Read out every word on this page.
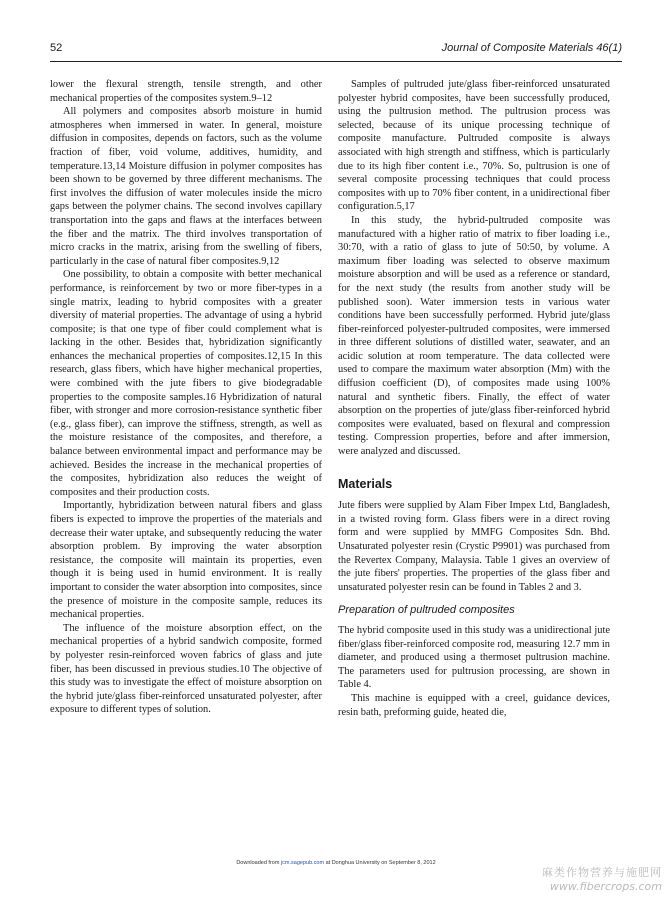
52	Journal of Composite Materials 46(1)

lower the flexural strength, tensile strength, and other mechanical properties of the composites system.9–12

All polymers and composites absorb moisture in humid atmospheres when immersed in water. In general, moisture diffusion in composites, depends on factors, such as the volume fraction of fiber, void volume, additives, humidity, and temperature.13,14 Moisture diffusion in polymer composites has been shown to be governed by three different mechanisms. The first involves the diffusion of water molecules inside the micro gaps between the polymer chains. The second involves capillary transportation into the gaps and flaws at the interfaces between the fiber and the matrix. The third involves transportation of micro cracks in the matrix, arising from the swelling of fibers, particularly in the case of natural fiber composites.9,12

One possibility, to obtain a composite with better mechanical performance, is reinforcement by two or more fiber-types in a single matrix, leading to hybrid composites with a greater diversity of material properties. The advantage of using a hybrid composite; is that one type of fiber could complement what is lacking in the other. Besides that, hybridization significantly enhances the mechanical properties of composites.12,15 In this research, glass fibers, which have higher mechanical properties, were combined with the jute fibers to give biodegradable properties to the composite samples.16 Hybridization of natural fiber, with stronger and more corrosion-resistance synthetic fiber (e.g., glass fiber), can improve the stiffness, strength, as well as the moisture resistance of the composites, and therefore, a balance between environmental impact and performance may be achieved. Besides the increase in the mechanical properties of the composites, hybridization also reduces the weight of composites and their production costs.

Importantly, hybridization between natural fibers and glass fibers is expected to improve the properties of the materials and decrease their water uptake, and subsequently reducing the water absorption problem. By improving the water absorption resistance, the composite will maintain its properties, even though it is being used in humid environment. It is really important to consider the water absorption into composites, since the presence of moisture in the composite sample, reduces its mechanical properties.

The influence of the moisture absorption effect, on the mechanical properties of a hybrid sandwich composite, formed by polyester resin-reinforced woven fabrics of glass and jute fiber, has been discussed in previous studies.10 The objective of this study was to investigate the effect of moisture absorption on the hybrid jute/glass fiber-reinforced unsaturated polyester, after exposure to different types of solution.

Samples of pultruded jute/glass fiber-reinforced unsaturated polyester hybrid composites, have been successfully produced, using the pultrusion method. The pultrusion process was selected, because of its unique processing technique of composite manufacture. Pultruded composite is always associated with high strength and stiffness, which is particularly due to its high fiber content i.e., 70%. So, pultrusion is one of several composite processing techniques that could process composites with up to 70% fiber content, in a unidirectional fiber configuration.5,17

In this study, the hybrid-pultruded composite was manufactured with a higher ratio of matrix to fiber loading i.e., 30:70, with a ratio of glass to jute of 50:50, by volume. A maximum fiber loading was selected to observe maximum moisture absorption and will be used as a reference or standard, for the next study (the results from another study will be published soon). Water immersion tests in various water conditions have been successfully performed. Hybrid jute/glass fiber-reinforced polyester-pultruded composites, were immersed in three different solutions of distilled water, seawater, and an acidic solution at room temperature. The data collected were used to compare the maximum water absorption (Mm) with the diffusion coefficient (D), of composites made using 100% natural and synthetic fibers. Finally, the effect of water absorption on the properties of jute/glass fiber-reinforced hybrid composites were evaluated, based on flexural and compression testing. Compression properties, before and after immersion, were analyzed and discussed.

Materials

Jute fibers were supplied by Alam Fiber Impex Ltd, Bangladesh, in a twisted roving form. Glass fibers were in a direct roving form and were supplied by MMFG Composites Sdn. Bhd. Unsaturated polyester resin (Crystic P9901) was purchased from the Revertex Company, Malaysia. Table 1 gives an overview of the jute fibers' properties. The properties of the glass fiber and unsaturated polyester resin can be found in Tables 2 and 3.

Preparation of pultruded composites

The hybrid composite used in this study was a unidirectional jute fiber/glass fiber-reinforced composite rod, measuring 12.7 mm in diameter, and produced using a thermoset pultrusion machine. The parameters used for pultrusion processing, are shown in Table 4.

This machine is equipped with a creel, guidance devices, resin bath, preforming guide, heated die,

Downloaded from jcm.sagepub.com at Donghua University on September 8, 2012
麻类作物营养与施肥网
www.fibercrops.com
